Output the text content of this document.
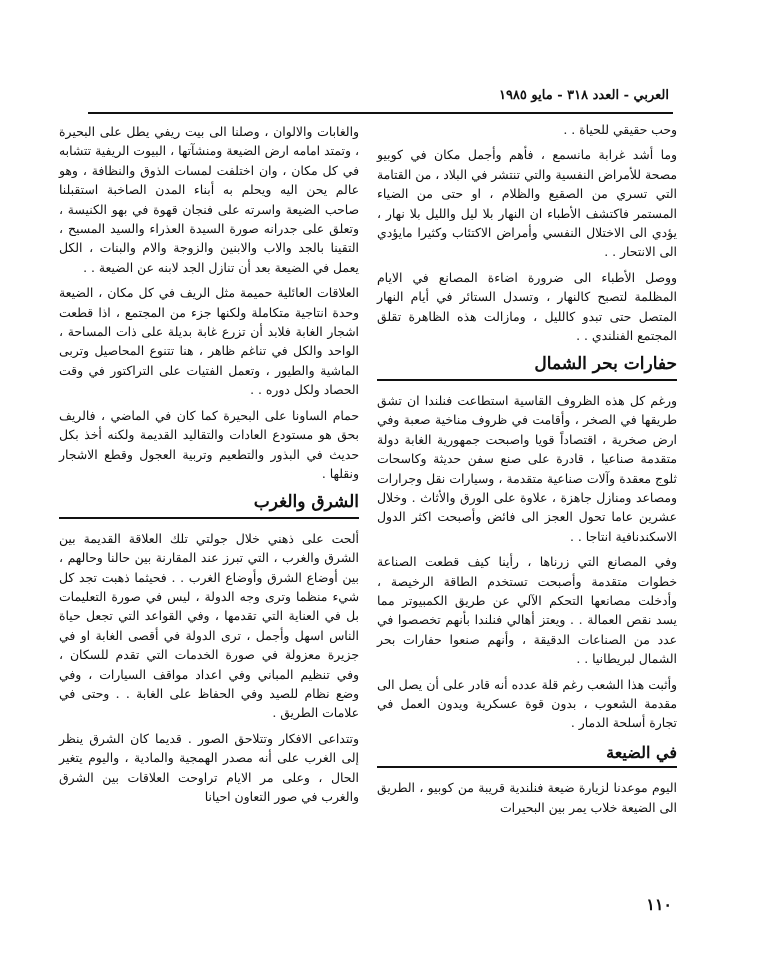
العربي - العدد ٣١٨ - مايو ١٩٨٥

وحب حقيقي للحياة . .

وما أشد غرابة مانسمع ، فأهم وأجمل مكان في كوبيو مصحة للأمراض النفسية والتي تنتشر في البلاد ، من القتامة التي تسري من الصقيع والظلام ، او حتى من الضياء المستمر فاكتشف الأطباء ان النهار بلا ليل والليل بلا نهار ، يؤدي الى الاختلال النفسي وأمراض الاكتئاب وكثيرا مايؤدي الى الانتحار . .

ووصل الأطباء الى ضرورة اضاءة المصانع في الايام المظلمة لتصبح كالنهار ، وتسدل الستائر في أيام النهار المتصل حتى تبدو كالليل ، ومازالت هذه الظاهرة تقلق المجتمع الفنلندي . .

حفارات بحر الشمال

ورغم كل هذه الظروف القاسية استطاعت فنلندا ان تشق طريقها في الصخر ، وأقامت في ظروف مناخية صعبة وفي ارض صخرية ، اقتصاداً قويا واصبحت جمهورية الغابة دولة متقدمة صناعيا ، قادرة على صنع سفن حديثة وكاسحات ثلوج معقدة وآلات صناعية متقدمة ، وسيارات نقل وجرارات ومصاعد ومنازل جاهزة ، علاوة على الورق والأثاث . وخلال عشرين عاما تحول العجز الى فائض وأصبحت اكثر الدول الاسكندنافية انتاجا . .

وفي المصانع التي زرناها ، رأينا كيف قطعت الصناعة خطوات متقدمة وأصبحت تستخدم الطاقة الرخيصة ، وأدخلت مصانعها التحكم الآلي عن طريق الكمبيوتر مما يسد نقص العمالة . . ويعتز أهالي فنلندا بأنهم تخصصوا في عدد من الصناعات الدقيقة ، وأنهم صنعوا حفارات بحر الشمال لبريطانيا . .

وأثبت هذا الشعب رغم قلة عدده أنه قادر على أن يصل الى مقدمة الشعوب ، بدون قوة عسكرية ويدون العمل في تجارة أسلحة الدمار .

في الضيعة

اليوم موعدنا لزيارة ضيعة فنلندية قريبة من كوبيو ، الطريق الى الضيعة خلاب يمر بين البحيرات

والغابات والالوان ، وصلنا الى بيت ريفي يطل على البحيرة ، وتمتد امامه ارض الضيعة ومنشآتها ، البيوت الريفية تتشابه في كل مكان ، وان اختلفت لمسات الذوق والنظافة ، وهو عالم يحن اليه ويحلم به أبناء المدن الصاخبة استقبلنا صاحب الضيعة واسرته على فنجان قهوة في بهو الكنيسة ، وتعلق على جدرانه صورة السيدة العذراء والسيد المسيح ، التقينا بالجد والاب والابنين والزوجة والام والبنات ، الكل يعمل في الضيعة بعد أن تنازل الجد لابنه عن الضيعة . .

العلاقات العائلية حميمة مثل الريف في كل مكان ، الضيعة وحدة انتاجية متكاملة ولكنها جزء من المجتمع ، اذا قطعت اشجار الغابة فلابد أن تزرع غابة بديلة على ذات المساحة ، الواحد والكل في تناغم ظاهر ، هنا تتنوع المحاصيل وتربى الماشية والطيور ، وتعمل الفتيات على التراكتور في وقت الحصاد ولكل دوره . .

حمام الساونا على البحيرة كما كان في الماضي ، فالريف بحق هو مستودع العادات والتقاليد القديمة ولكنه أخذ بكل حديث في البذور والتطعيم وتربية العجول وقطع الاشجار ونقلها .

الشرق والغرب

ألحت على ذهني خلال جولتي تلك العلاقة القديمة بين الشرق والغرب ، التي تبرز عند المقارنة بين حالنا وحالهم ، بين أوضاع الشرق وأوضاع الغرب . . فحيثما ذهبت تجد كل شيء منظما وترى وجه الدولة ، ليس في صورة التعليمات بل في العناية التي تقدمها ، وفي القواعد التي تجعل حياة الناس اسهل وأجمل ، ترى الدولة في أقصى الغابة او في جزيرة معزولة في صورة الخدمات التي تقدم للسكان ، وفي تنظيم المباني وفي اعداد مواقف السيارات ، وفي وضع نظام للصيد وفي الحفاظ على الغابة . . وحتى في علامات الطريق .

وتتداعى الافكار وتتلاحق الصور . قديما كان الشرق ينظر إلى الغرب على أنه مصدر الهمجية والمادية ، واليوم يتغير الحال ، وعلى مر الايام تراوحت العلاقات بين الشرق والغرب في صور التعاون احيانا

١١٠
